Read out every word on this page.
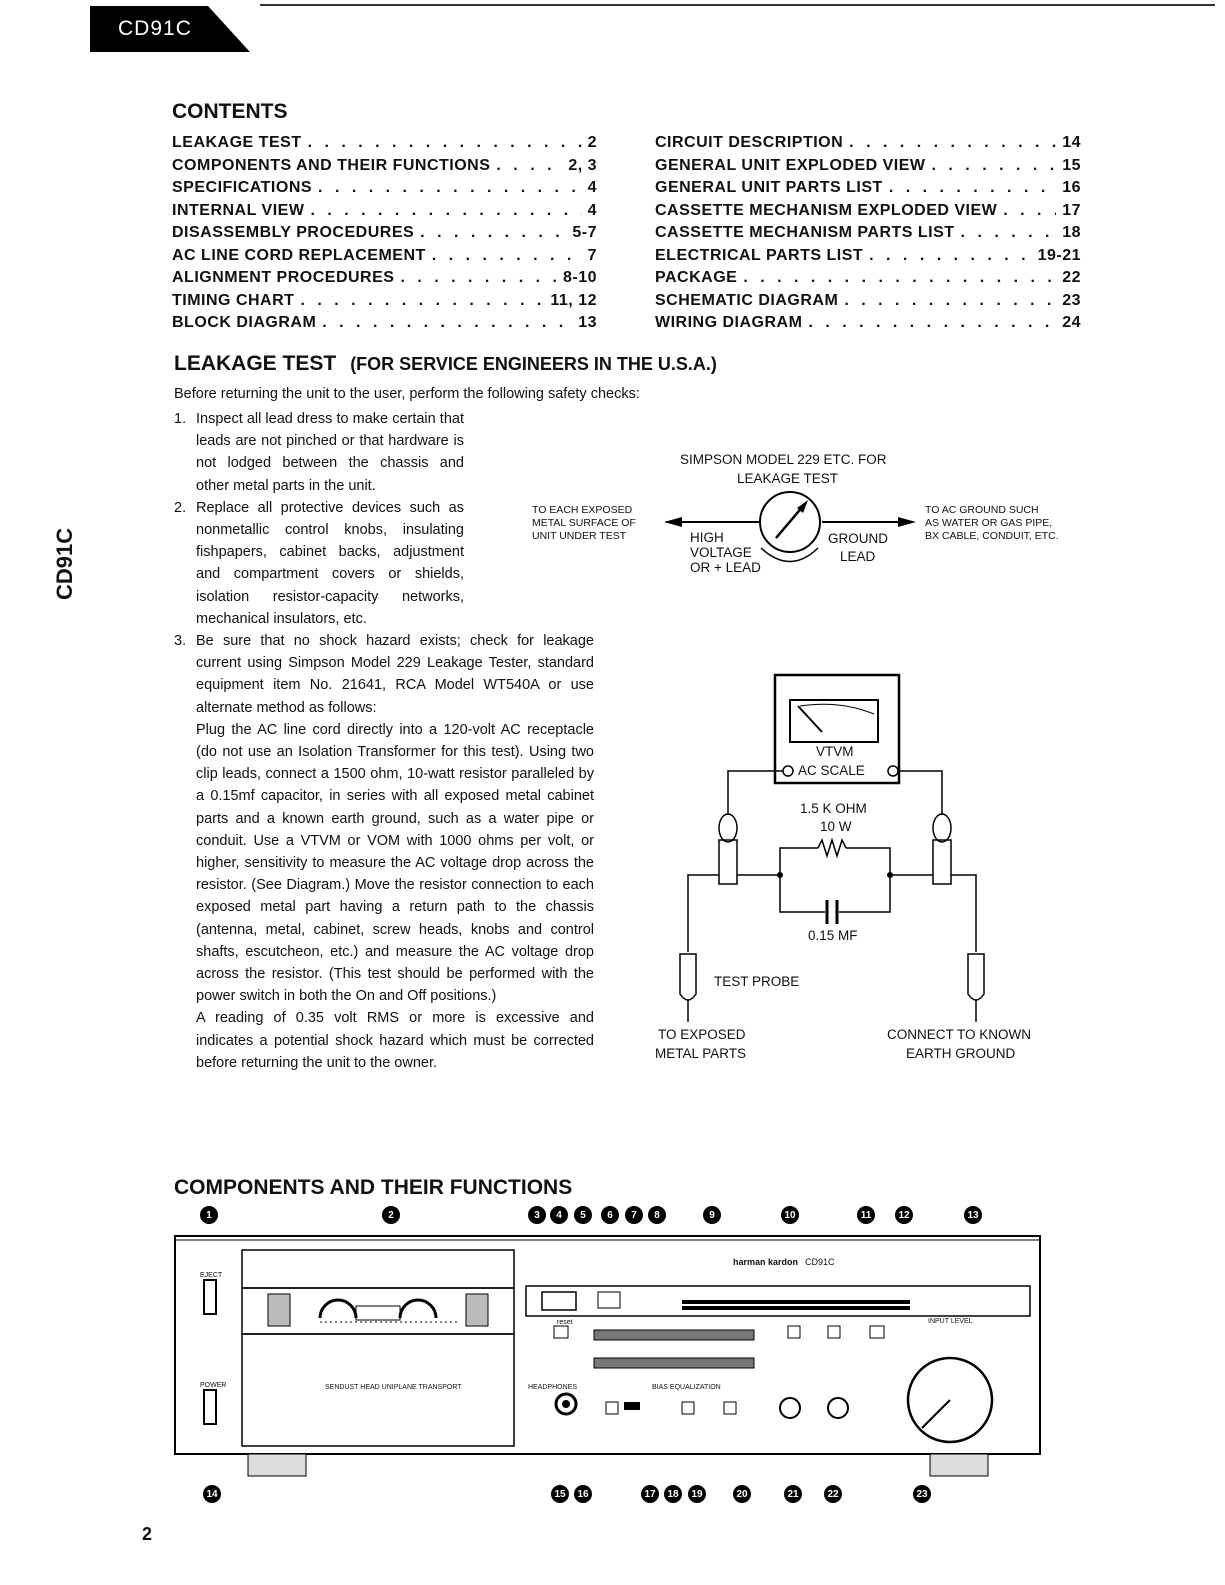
CD91C
CD91C
CONTENTS
LEAKAGE TEST . . .	2
COMPONENTS AND THEIR FUNCTIONS . . .	2, 3
SPECIFICATIONS . . .	4
INTERNAL VIEW . . .	4
DISASSEMBLY PROCEDURES . . .	5-7
AC LINE CORD REPLACEMENT . . .	7
ALIGNMENT PROCEDURES . . .	8-10
TIMING CHART . . .	11, 12
BLOCK DIAGRAM . . .	13
CIRCUIT DESCRIPTION . . .	14
GENERAL UNIT EXPLODED VIEW . . .	15
GENERAL UNIT PARTS LIST . . .	16
CASSETTE MECHANISM EXPLODED VIEW . . .	17
CASSETTE MECHANISM PARTS LIST . . .	18
ELECTRICAL PARTS LIST . . .	19-21
PACKAGE . . .	22
SCHEMATIC DIAGRAM . . .	23
WIRING DIAGRAM . . .	24
LEAKAGE TEST (FOR SERVICE ENGINEERS IN THE U.S.A.)
Before returning the unit to the user, perform the following safety checks:
1. Inspect all lead dress to make certain that leads are not pinched or that hardware is not lodged between the chassis and other metal parts in the unit.
2. Replace all protective devices such as nonmetallic control knobs, insulating fishpapers, cabinet backs, adjustment and compartment covers or shields, isolation resistor-capacity networks, mechanical insulators, etc.
3. Be sure that no shock hazard exists; check for leakage current using Simpson Model 229 Leakage Tester, standard equipment item No. 21641, RCA Model WT540A or use alternate method as follows:

Plug the AC line cord directly into a 120-volt AC receptacle (do not use an Isolation Transformer for this test). Using two clip leads, connect a 1500 ohm, 10-watt resistor paralleled by a 0.15mf capacitor, in series with all exposed metal cabinet parts and a known earth ground, such as a water pipe or conduit. Use a VTVM or VOM with 1000 ohms per volt, or higher, sensitivity to measure the AC voltage drop across the resistor. (See Diagram.) Move the resistor connection to each exposed metal part having a return path to the chassis (antenna, metal, cabinet, screw heads, knobs and control shafts, escutcheon, etc.) and measure the AC voltage drop across the resistor. (This test should be performed with the power switch in both the On and Off positions.)

A reading of 0.35 volt RMS or more is excessive and indicates a potential shock hazard which must be corrected before returning the unit to the owner.

SIMPSON MODEL 229 ETC. FOR
LEAKAGE TEST
TO EACH EXPOSED
METAL SURFACE OF
UNIT UNDER TEST
TO AC GROUND SUCH
AS WATER OR GAS PIPE,
BX CABLE, CONDUIT, ETC.
HIGH
VOLTAGE
OR + LEAD
GROUND
LEAD
VTVM
AC SCALE
1.5 K OHM
10 W
0.15 MF
TEST PROBE
TO EXPOSED
METAL PARTS
CONNECT TO KNOWN
EARTH GROUND
COMPONENTS AND THEIR FUNCTIONS
harman kardon CD91C
EJECT
POWER	SENDUST HEAD UNIPLANE TRANSPORT	HEADPHONES
INPUT LEVEL
BIAS EQUALIZATION
reset
1	2	3	4	5	6	7	8	9	10	11	12	13
14	15	16	17	18	19	20	21	22	23
2
